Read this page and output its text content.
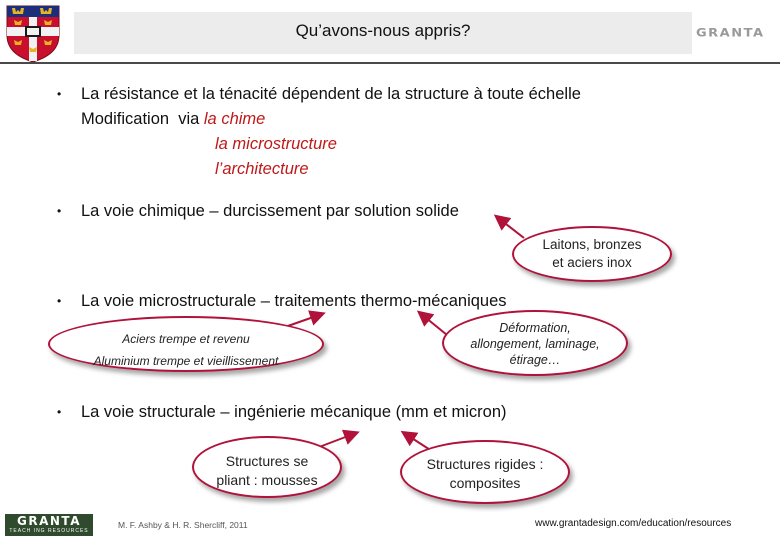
Qu’avons-nous appris?	GRANTA
• La résistance et la ténacité dépendent de la structure à toute échelle
Modification  via la chime
la microstructure
l’architecture
• La voie chimique – durcissement par solution solide
Laitons, bronzes
et aciers inox
• La voie microstructurale – traitements thermo-mécaniques
Aciers trempe et revenu
Aluminium trempe et vieillissement
Déformation,
allongement, laminage,
étirage…
• La voie structurale – ingénierie mécanique (mm et micron)
Structures se
pliant : mousses
Structures rigides :
composites
GRANTA
TEACH ING RESOURCES
M. F. Ashby & H. R. Shercliff, 2011	www.grantadesign.com/education/resources
